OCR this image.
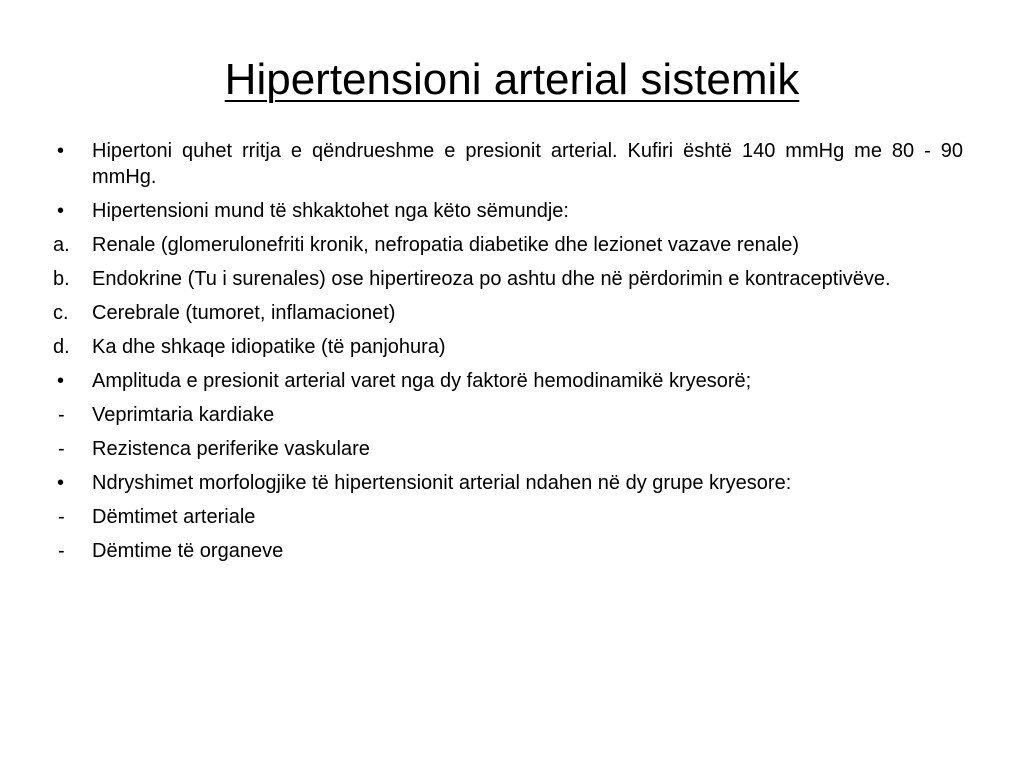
Hipertensioni arterial sistemik
•	Hipertoni quhet rritja e qëndrueshme e presionit arterial. Kufiri është 140 mmHg me 80 - 90 mmHg.
•	Hipertensioni mund të shkaktohet nga këto sëmundje:
a.	Renale (glomerulonefriti kronik, nefropatia diabetike dhe lezionet vazave renale)
b.	Endokrine (Tu i surenales) ose hipertireoza po ashtu dhe në përdorimin e kontraceptivëve.
c.	Cerebrale (tumoret, inflamacionet)
d.	Ka dhe shkaqe idiopatike (të panjohura)
•	Amplituda e presionit arterial varet nga dy faktorë hemodinamikë kryesorë;
-	Veprimtaria kardiake
-	Rezistenca periferike vaskulare
•	Ndryshimet morfologjike të hipertensionit arterial ndahen në dy grupe kryesore:
-	Dëmtimet arteriale
-	Dëmtime të organeve
